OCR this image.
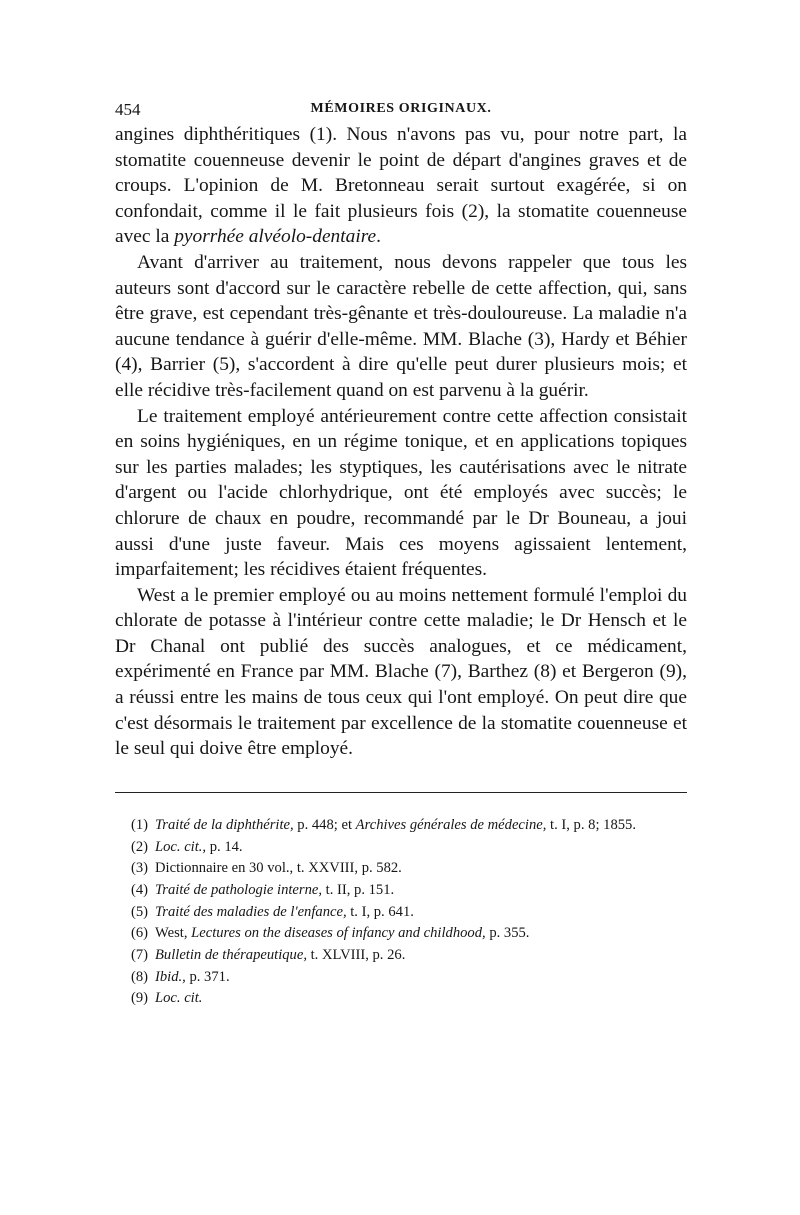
454	MÉMOIRES ORIGINAUX.

angines diphthéritiques (1). Nous n'avons pas vu, pour notre part, la stomatite couenneuse devenir le point de départ d'angines graves et de croups. L'opinion de M. Bretonneau serait surtout exagérée, si on confondait, comme il le fait plusieurs fois (2), la stomatite couenneuse avec la pyorrhée alvéolo-dentaire.

Avant d'arriver au traitement, nous devons rappeler que tous les auteurs sont d'accord sur le caractère rebelle de cette affection, qui, sans être grave, est cependant très-gênante et très-douloureuse. La maladie n'a aucune tendance à guérir d'elle-même. MM. Blache (3), Hardy et Béhier (4), Barrier (5), s'accordent à dire qu'elle peut durer plusieurs mois; et elle récidive très-facilement quand on est parvenu à la guérir.

Le traitement employé antérieurement contre cette affection consistait en soins hygiéniques, en un régime tonique, et en applications topiques sur les parties malades; les styptiques, les cautérisations avec le nitrate d'argent ou l'acide chlorhydrique, ont été employés avec succès; le chlorure de chaux en poudre, recommandé par le Dr Bouneau, a joui aussi d'une juste faveur. Mais ces moyens agissaient lentement, imparfaitement; les récidives étaient fréquentes.

West a le premier employé ou au moins nettement formulé l'emploi du chlorate de potasse à l'intérieur contre cette maladie; le Dr Hensch et le Dr Chanal ont publié des succès analogues, et ce médicament, expérimenté en France par MM. Blache (7), Barthez (8) et Bergeron (9), a réussi entre les mains de tous ceux qui l'ont employé. On peut dire que c'est désormais le traitement par excellence de la stomatite couenneuse et le seul qui doive être employé.

(1) Traité de la diphthérite, p. 448; et Archives générales de médecine, t. I, p. 8; 1855.

(2) Loc. cit., p. 14.

(3) Dictionnaire en 30 vol., t. XXVIII, p. 582.

(4) Traité de pathologie interne, t. II, p. 151.

(5) Traité des maladies de l'enfance, t. I, p. 641.

(6) West, Lectures on the diseases of infancy and childhood, p. 355.

(7) Bulletin de thérapeutique, t. XLVIII, p. 26.

(8) Ibid., p. 371.

(9) Loc. cit.
